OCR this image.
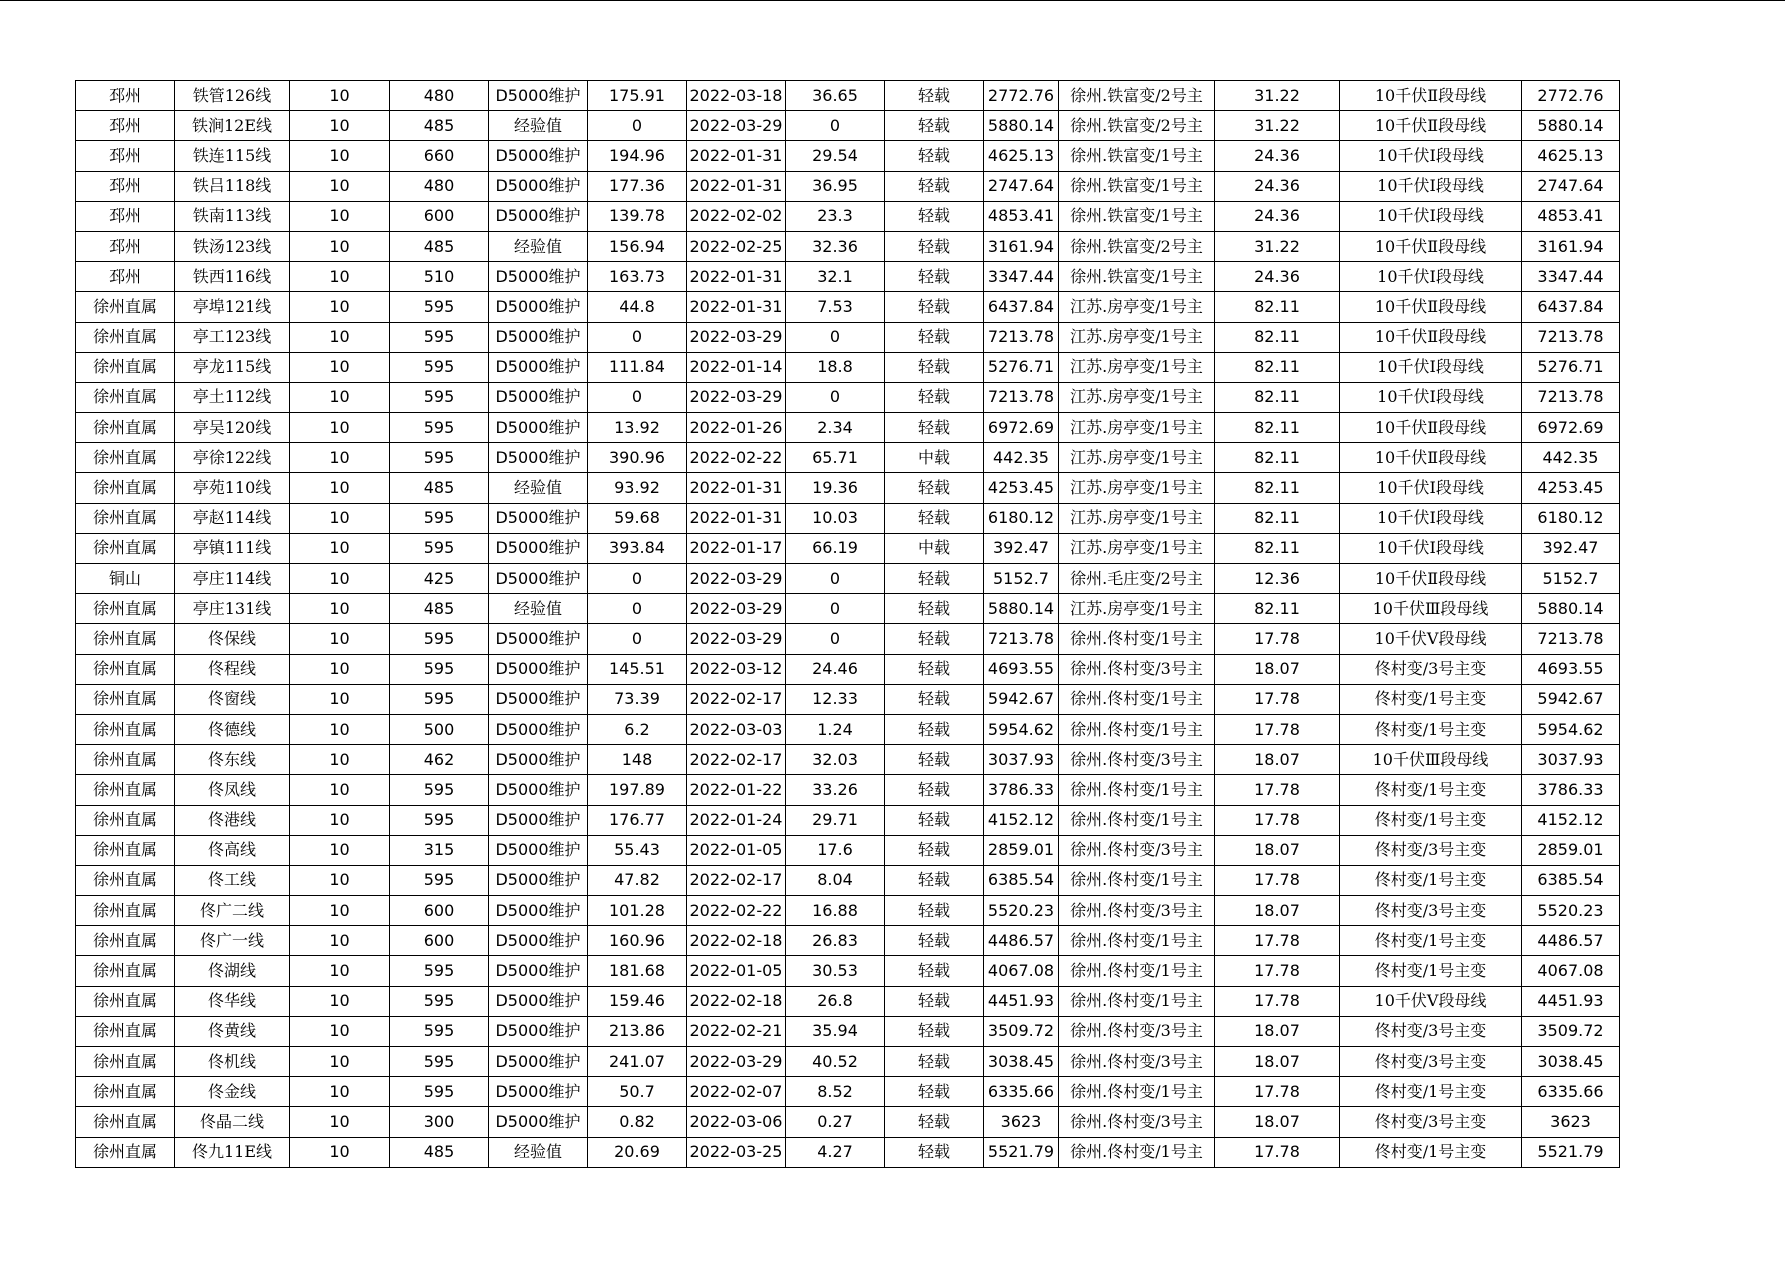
邳州	铁管126线	10	480	D5000维护	175.91	2022-03-18	36.65	轻载	2772.76	徐州.铁富变/2号主	31.22	10千伏Ⅱ段母线	2772.76
邳州	铁涧12E线	10	485	经验值	0	2022-03-29	0	轻载	5880.14	徐州.铁富变/2号主	31.22	10千伏Ⅱ段母线	5880.14
邳州	铁连115线	10	660	D5000维护	194.96	2022-01-31	29.54	轻载	4625.13	徐州.铁富变/1号主	24.36	10千伏Ⅰ段母线	4625.13
邳州	铁吕118线	10	480	D5000维护	177.36	2022-01-31	36.95	轻载	2747.64	徐州.铁富变/1号主	24.36	10千伏Ⅰ段母线	2747.64
邳州	铁南113线	10	600	D5000维护	139.78	2022-02-02	23.3	轻载	4853.41	徐州.铁富变/1号主	24.36	10千伏Ⅰ段母线	4853.41
邳州	铁汤123线	10	485	经验值	156.94	2022-02-25	32.36	轻载	3161.94	徐州.铁富变/2号主	31.22	10千伏Ⅱ段母线	3161.94
邳州	铁西116线	10	510	D5000维护	163.73	2022-01-31	32.1	轻载	3347.44	徐州.铁富变/1号主	24.36	10千伏Ⅰ段母线	3347.44
徐州直属	亭埠121线	10	595	D5000维护	44.8	2022-01-31	7.53	轻载	6437.84	江苏.房亭变/1号主	82.11	10千伏Ⅱ段母线	6437.84
徐州直属	亭工123线	10	595	D5000维护	0	2022-03-29	0	轻载	7213.78	江苏.房亭变/1号主	82.11	10千伏Ⅱ段母线	7213.78
徐州直属	亭龙115线	10	595	D5000维护	111.84	2022-01-14	18.8	轻载	5276.71	江苏.房亭变/1号主	82.11	10千伏Ⅰ段母线	5276.71
徐州直属	亭土112线	10	595	D5000维护	0	2022-03-29	0	轻载	7213.78	江苏.房亭变/1号主	82.11	10千伏Ⅰ段母线	7213.78
徐州直属	亭吴120线	10	595	D5000维护	13.92	2022-01-26	2.34	轻载	6972.69	江苏.房亭变/1号主	82.11	10千伏Ⅱ段母线	6972.69
徐州直属	亭徐122线	10	595	D5000维护	390.96	2022-02-22	65.71	中载	442.35	江苏.房亭变/1号主	82.11	10千伏Ⅱ段母线	442.35
徐州直属	亭苑110线	10	485	经验值	93.92	2022-01-31	19.36	轻载	4253.45	江苏.房亭变/1号主	82.11	10千伏Ⅰ段母线	4253.45
徐州直属	亭赵114线	10	595	D5000维护	59.68	2022-01-31	10.03	轻载	6180.12	江苏.房亭变/1号主	82.11	10千伏Ⅰ段母线	6180.12
徐州直属	亭镇111线	10	595	D5000维护	393.84	2022-01-17	66.19	中载	392.47	江苏.房亭变/1号主	82.11	10千伏Ⅰ段母线	392.47
铜山	亭庄114线	10	425	D5000维护	0	2022-03-29	0	轻载	5152.7	徐州.毛庄变/2号主	12.36	10千伏Ⅱ段母线	5152.7
徐州直属	亭庄131线	10	485	经验值	0	2022-03-29	0	轻载	5880.14	江苏.房亭变/1号主	82.11	10千伏Ⅲ段母线	5880.14
徐州直属	佟保线	10	595	D5000维护	0	2022-03-29	0	轻载	7213.78	徐州.佟村变/1号主	17.78	10千伏Ⅴ段母线	7213.78
徐州直属	佟程线	10	595	D5000维护	145.51	2022-03-12	24.46	轻载	4693.55	徐州.佟村变/3号主	18.07	佟村变/3号主变	4693.55
徐州直属	佟窗线	10	595	D5000维护	73.39	2022-02-17	12.33	轻载	5942.67	徐州.佟村变/1号主	17.78	佟村变/1号主变	5942.67
徐州直属	佟德线	10	500	D5000维护	6.2	2022-03-03	1.24	轻载	5954.62	徐州.佟村变/1号主	17.78	佟村变/1号主变	5954.62
徐州直属	佟东线	10	462	D5000维护	148	2022-02-17	32.03	轻载	3037.93	徐州.佟村变/3号主	18.07	10千伏Ⅲ段母线	3037.93
徐州直属	佟凤线	10	595	D5000维护	197.89	2022-01-22	33.26	轻载	3786.33	徐州.佟村变/1号主	17.78	佟村变/1号主变	3786.33
徐州直属	佟港线	10	595	D5000维护	176.77	2022-01-24	29.71	轻载	4152.12	徐州.佟村变/1号主	17.78	佟村变/1号主变	4152.12
徐州直属	佟高线	10	315	D5000维护	55.43	2022-01-05	17.6	轻载	2859.01	徐州.佟村变/3号主	18.07	佟村变/3号主变	2859.01
徐州直属	佟工线	10	595	D5000维护	47.82	2022-02-17	8.04	轻载	6385.54	徐州.佟村变/1号主	17.78	佟村变/1号主变	6385.54
徐州直属	佟广二线	10	600	D5000维护	101.28	2022-02-22	16.88	轻载	5520.23	徐州.佟村变/3号主	18.07	佟村变/3号主变	5520.23
徐州直属	佟广一线	10	600	D5000维护	160.96	2022-02-18	26.83	轻载	4486.57	徐州.佟村变/1号主	17.78	佟村变/1号主变	4486.57
徐州直属	佟湖线	10	595	D5000维护	181.68	2022-01-05	30.53	轻载	4067.08	徐州.佟村变/1号主	17.78	佟村变/1号主变	4067.08
徐州直属	佟华线	10	595	D5000维护	159.46	2022-02-18	26.8	轻载	4451.93	徐州.佟村变/1号主	17.78	10千伏Ⅴ段母线	4451.93
徐州直属	佟黄线	10	595	D5000维护	213.86	2022-02-21	35.94	轻载	3509.72	徐州.佟村变/3号主	18.07	佟村变/3号主变	3509.72
徐州直属	佟机线	10	595	D5000维护	241.07	2022-03-29	40.52	轻载	3038.45	徐州.佟村变/3号主	18.07	佟村变/3号主变	3038.45
徐州直属	佟金线	10	595	D5000维护	50.7	2022-02-07	8.52	轻载	6335.66	徐州.佟村变/1号主	17.78	佟村变/1号主变	6335.66
徐州直属	佟晶二线	10	300	D5000维护	0.82	2022-03-06	0.27	轻载	3623	徐州.佟村变/3号主	18.07	佟村变/3号主变	3623
徐州直属	佟九11E线	10	485	经验值	20.69	2022-03-25	4.27	轻载	5521.79	徐州.佟村变/1号主	17.78	佟村变/1号主变	5521.79
